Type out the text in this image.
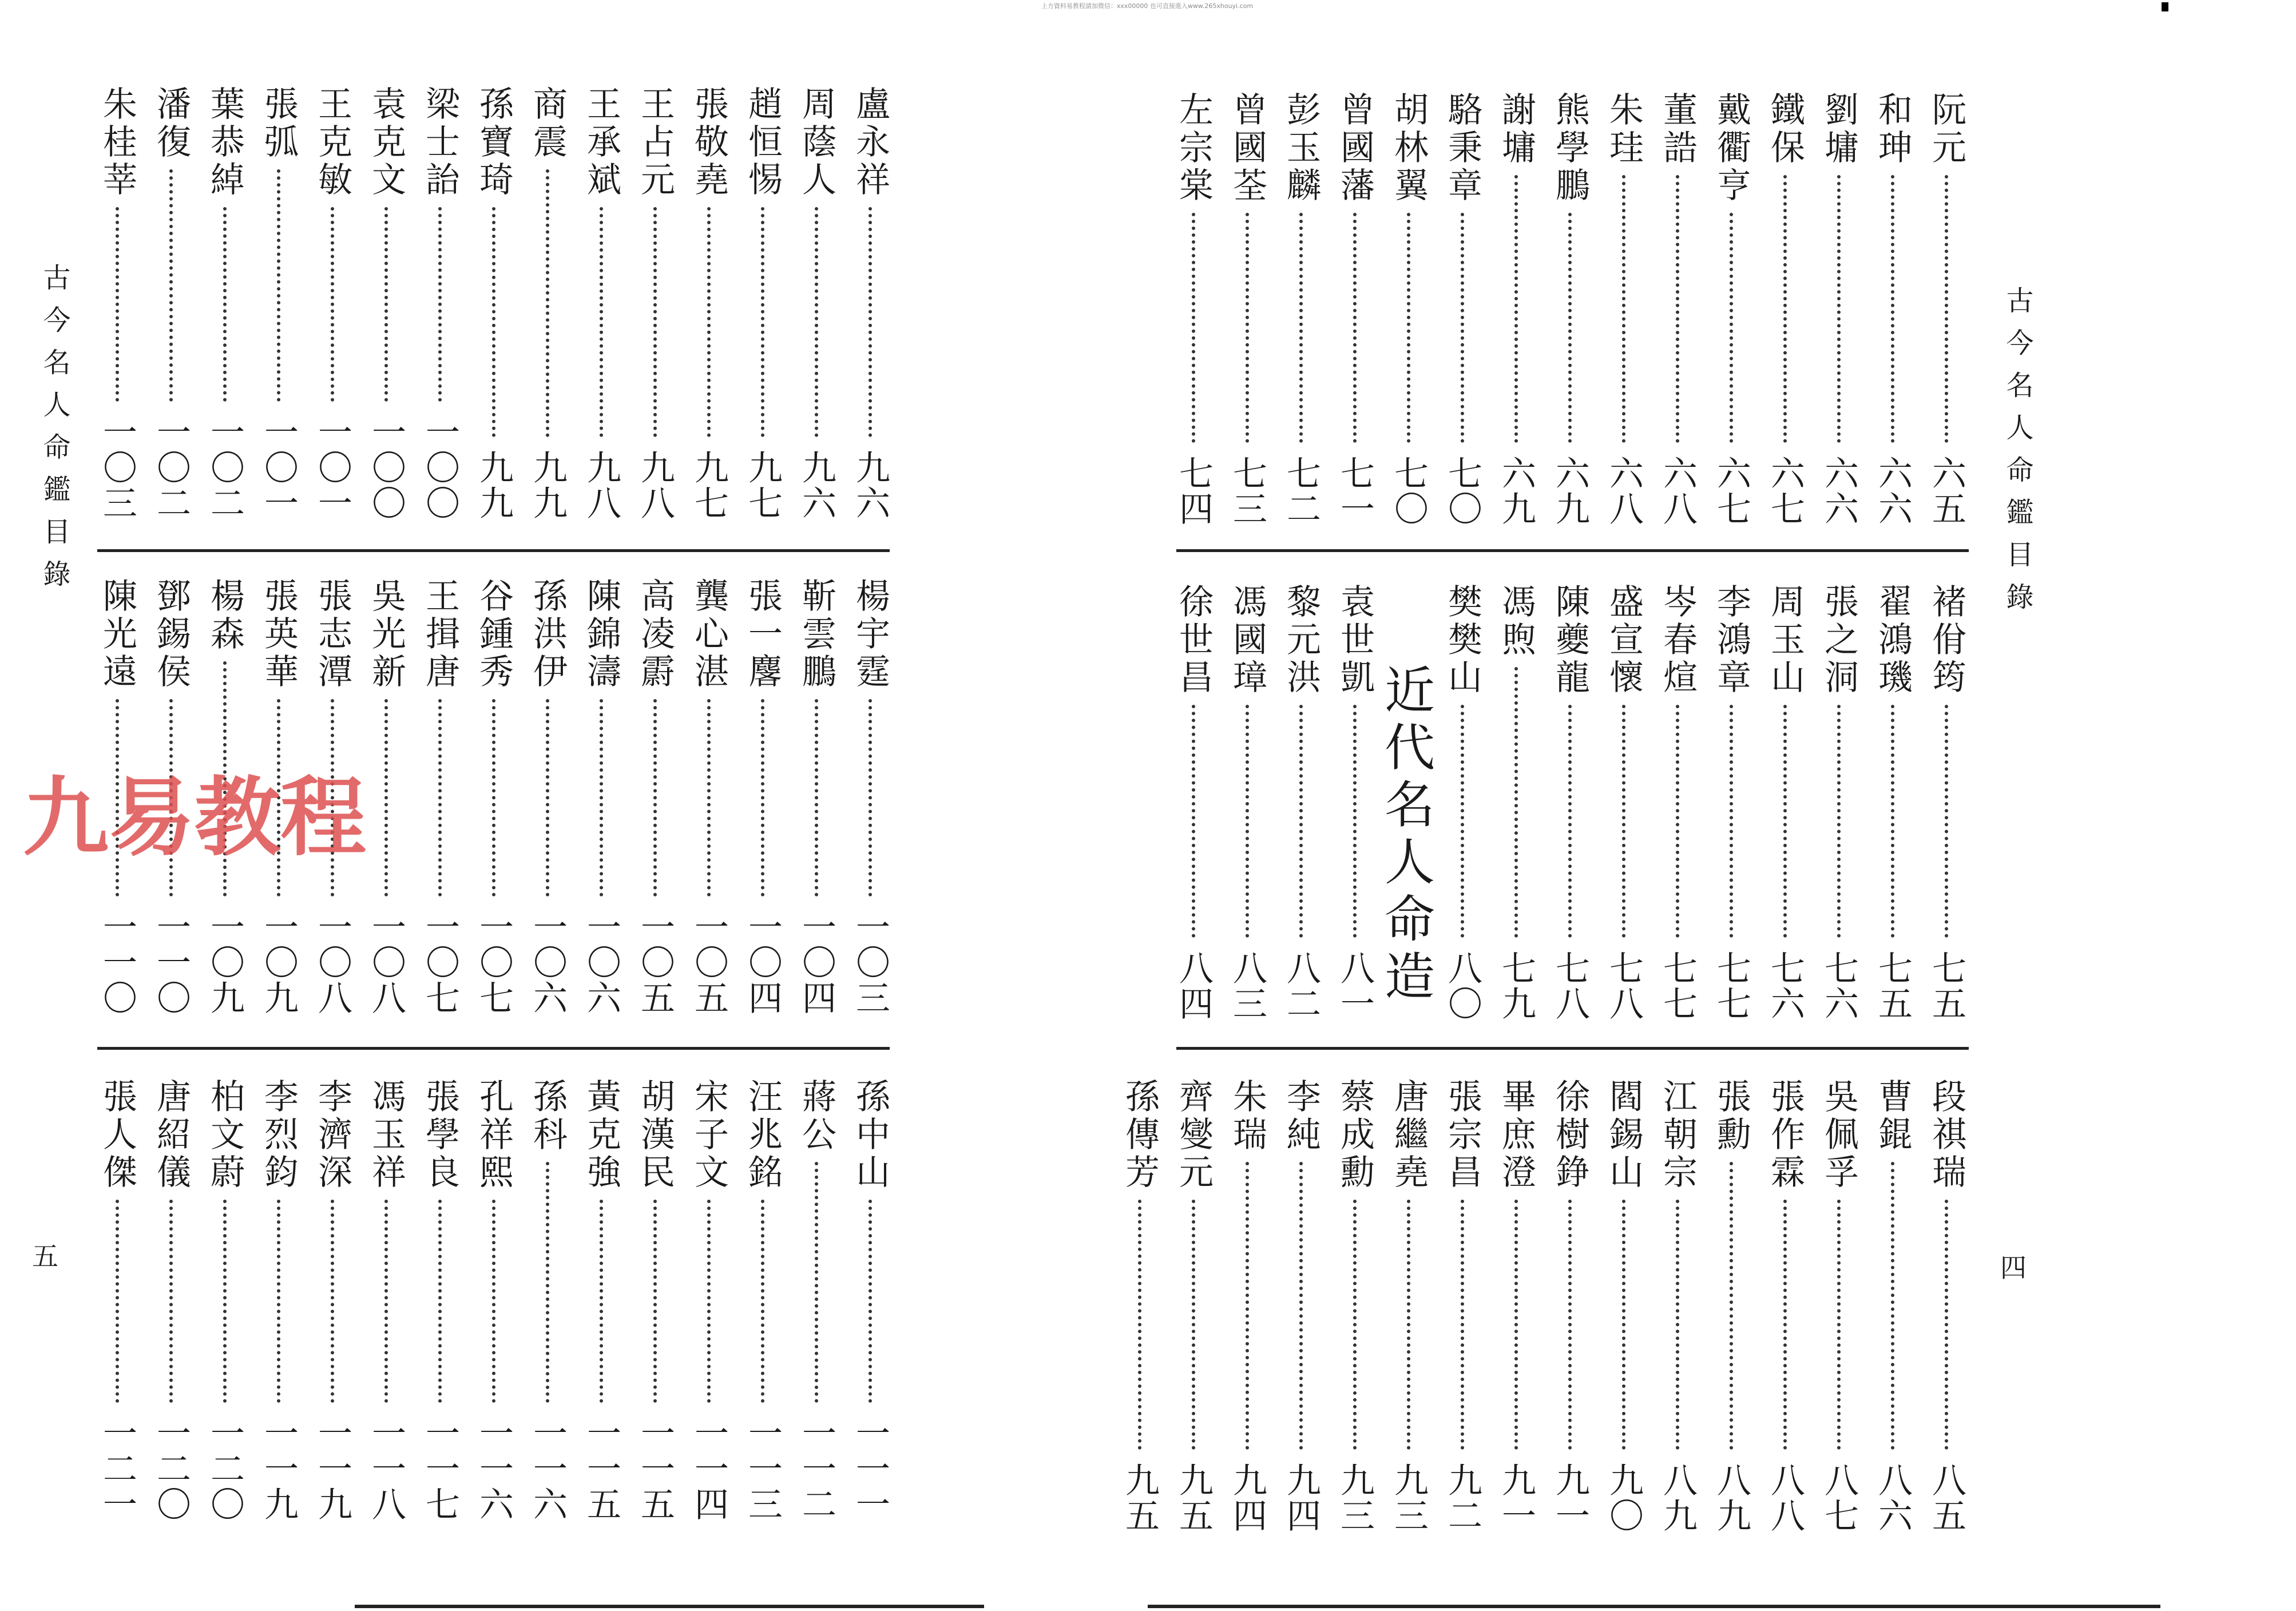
上方資料易教程請加微信：xxx00000 也可直接進入www.265xhouyi.com
古今名人命鑑目錄
五
盧永祥
九六
周蔭人
九六
趙恒惕
九七
張敬堯
九七
王占元
九八
王承斌
九八
商震
九九
孫寶琦
九九
梁士詒
一〇〇
袁克文
一〇〇
王克敏
一〇一
張弧
一〇一
葉恭綽
一〇二
潘復
一〇二
朱桂莘
一〇三
楊宇霆
一〇三
靳雲鵬
一〇四
張一麐
一〇四
龔心湛
一〇五
高凌霨
一〇五
陳錦濤
一〇六
孫洪伊
一〇六
谷鍾秀
一〇七
王揖唐
一〇七
吳光新
一〇八
張志潭
一〇八
張英華
一〇九
楊森
一〇九
鄧錫侯
一一〇
陳光遠
一一〇
孫中山
一一一
蔣公
一一二
汪兆銘
一一三
宋子文
一一四
胡漢民
一一五
黃克強
一一五
孫科
一一六
孔祥熙
一一六
張學良
一一七
馮玉祥
一一八
李濟深
一一九
李烈鈞
一一九
柏文蔚
一二〇
唐紹儀
一二〇
張人傑
一二一
古今名人命鑑目錄
四
阮元
六五
和珅
六六
劉墉
六六
鐵保
六七
戴衢亨
六七
董誥
六八
朱珪
六八
熊學鵬
六九
謝墉
六九
駱秉章
七〇
胡林翼
七〇
曾國藩
七一
彭玉麟
七二
曾國荃
七三
左宗棠
七四
褚佾筠
七五
翟鴻璣
七五
張之洞
七六
周玉山
七六
李鴻章
七七
岑春煊
七七
盛宣懷
七八
陳夔龍
七八
馮煦
七九
樊樊山
八〇
袁世凱
八一
黎元洪
八二
馮國璋
八三
徐世昌
八四
段祺瑞
八五
曹錕
八六
吳佩孚
八七
張作霖
八八
張勳
八九
江朝宗
八九
閻錫山
九〇
徐樹錚
九一
畢庶澄
九一
張宗昌
九二
唐繼堯
九三
蔡成勳
九三
李純
九四
朱瑞
九四
齊燮元
九五
孫傳芳
九五
近代名人命造
九易教程
